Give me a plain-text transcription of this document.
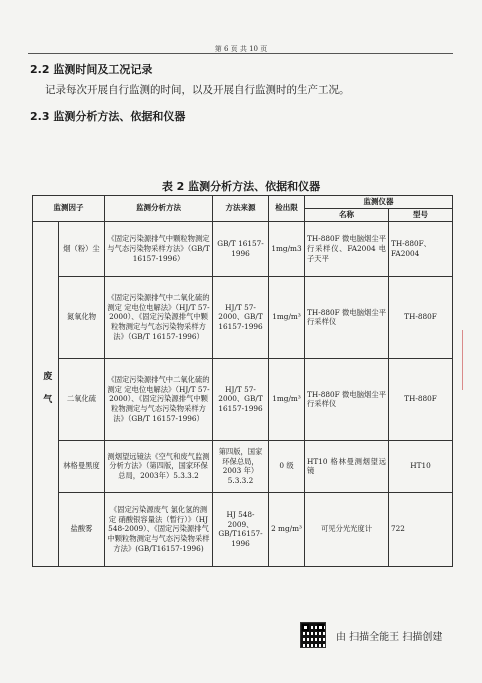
第 6 页 共 10 页
2.2 监测时间及工况记录
记录每次开展自行监测的时间，以及开展自行监测时的生产工况。
2.3 监测分析方法、依据和仪器
表 2 监测分析方法、依据和仪器
监测因子		监测分析方法	方法来源	检出限	监测仪器	
					名称	型号
废气	烟（粉）尘	《固定污染源排气中颗粒物测定与气态污染物采样方法》（GB/T 16157-1996）	GB/T 16157-1996	1mg/m3	TH-880F 微电脑烟尘平行采样仪、FA2004 电子天平	TH-880F、FA2004
	氮氧化物	《固定污染源排气中二氧化硫的测定 定电位电解法》（HJ/T 57-2000）、《固定污染源排气中颗粒物测定与气态污染物采样方法》（GB/T 16157-1996）	HJ/T 57-2000、GB/T 16157-1996	1mg/m³	TH-880F 微电脑烟尘平行采样仪	TH-880F
	二氧化硫	《固定污染源排气中二氧化硫的测定 定电位电解法》（HJ/T 57-2000）、《固定污染源排气中颗粒物测定与气态污染物采样方法》（GB/T 16157-1996）	HJ/T 57-2000、GB/T 16157-1996	1mg/m³	TH-880F 微电脑烟尘平行采样仪	TH-880F
	林格曼黑度	测烟望远镜法《空气和废气监测分析方法》（第四版，国家环保总局，2003年）5.3.3.2	第四版，国家环保总局，2003 年）5.3.3.2	0 级	HT10 格林曼测烟望远镜	HT10
	盐酸雾	《固定污染源废气 氯化氢的测定 硝酸银容量法（暂行）》（HJ 548-2009）、《固定污染源排气中颗粒物测定与气态污染物采样方法》(GB/T16157-1996)	HJ 548-2009、GB/T16157-1996	2 mg/m³	可见分光光度计	722
由 扫描全能王 扫描创建
